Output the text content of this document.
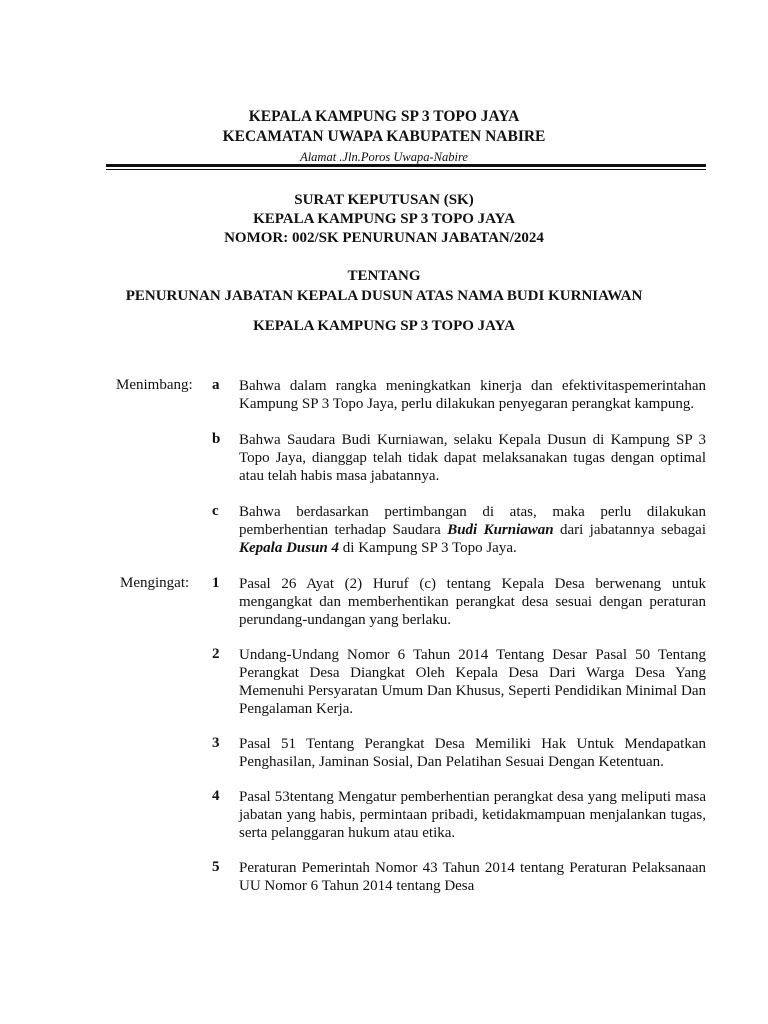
KEPALA KAMPUNG SP 3 TOPO JAYA
KECAMATAN UWAPA KABUPATEN NABIRE
Alamat .Jln.Poros Uwapa-Nabire
SURAT KEPUTUSAN (SK)
KEPALA KAMPUNG SP 3 TOPO JAYA
NOMOR: 002/SK PENURUNAN JABATAN/2024
TENTANG
PENURUNAN JABATAN KEPALA DUSUN ATAS NAMA BUDI KURNIAWAN
KEPALA KAMPUNG SP 3 TOPO JAYA
Menimbang: a	Bahwa dalam rangka meningkatkan kinerja dan efektivitaspemerintahan Kampung SP 3 Topo Jaya, perlu dilakukan penyegaran perangkat kampung.
b Bahwa Saudara Budi Kurniawan, selaku Kepala Dusun di Kampung SP 3 Topo Jaya, dianggap telah tidak dapat melaksanakan tugas dengan optimal atau telah habis masa jabatannya.
c	Bahwa berdasarkan pertimbangan di atas, maka perlu dilakukan pemberhentian terhadap Saudara Budi Kurniawan dari jabatannya sebagai Kepala Dusun 4 di Kampung SP 3 Topo Jaya.
Mengingat: 1	Pasal 26 Ayat (2) Huruf (c) tentang Kepala Desa berwenang untuk mengangkat dan memberhentikan perangkat desa sesuai dengan peraturan perundang-undangan yang berlaku.
2	Undang-Undang Nomor 6 Tahun 2014 Tentang Desar Pasal 50 Tentang Perangkat Desa Diangkat Oleh Kepala Desa Dari Warga Desa Yang Memenuhi Persyaratan Umum Dan Khusus, Seperti Pendidikan Minimal Dan Pengalaman Kerja.
3	Pasal 51 Tentang Perangkat Desa Memiliki Hak Untuk Mendapatkan Penghasilan, Jaminan Sosial, Dan Pelatihan Sesuai Dengan Ketentuan.
4	Pasal 53tentang Mengatur pemberhentian perangkat desa yang meliputi masa jabatan yang habis, permintaan pribadi, ketidakmampuan menjalankan tugas, serta pelanggaran hukum atau etika.
5	Peraturan Pemerintah Nomor 43 Tahun 2014 tentang Peraturan Pelaksanaan UU Nomor 6 Tahun 2014 tentang Desa
